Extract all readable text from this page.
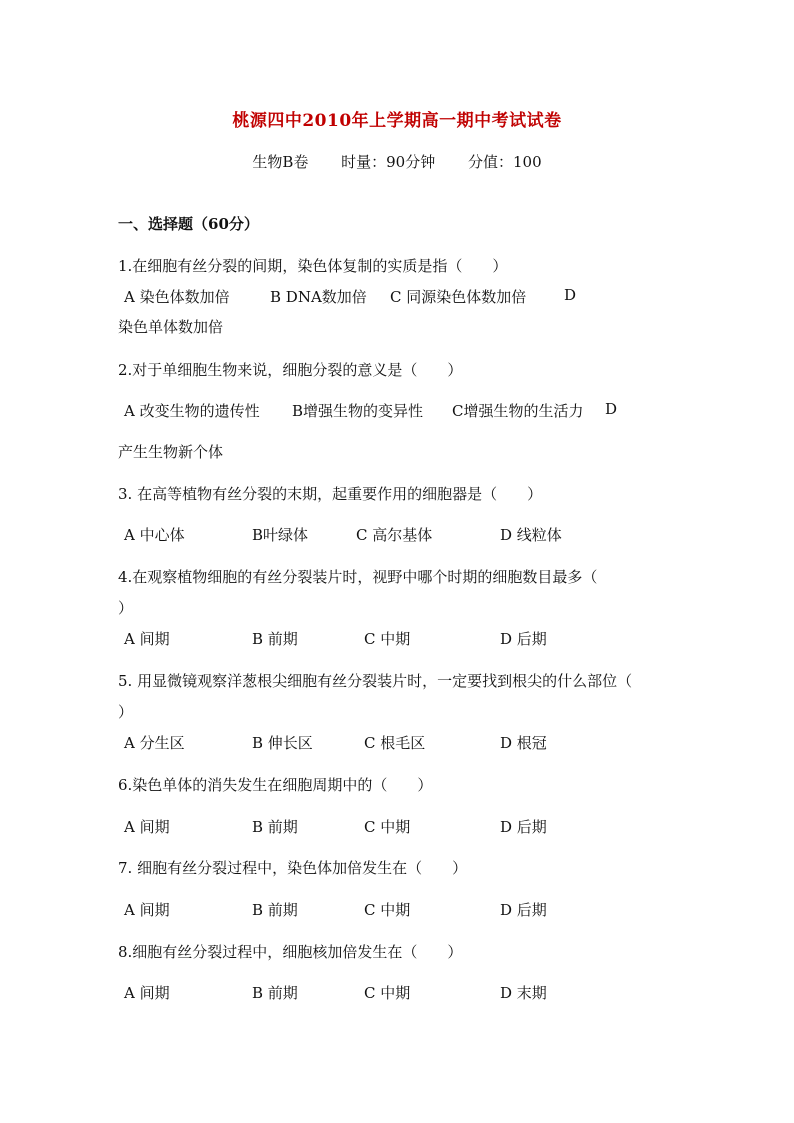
桃源四中2010年上学期高一期中考试试卷
生物B卷 时量：90分钟 分值：100
一、选择题（60分）
1.在细胞有丝分裂的间期，染色体复制的实质是指（　　）
A 染色体数加倍	B DNA数加倍 C 同源染色体数加倍	D
染色单体数加倍
2.对于单细胞生物来说，细胞分裂的意义是（　　）
A 改变生物的遗传性 B增强生物的变异性 C增强生物的生活力 D
产生生物新个体
3. 在高等植物有丝分裂的末期，起重要作用的细胞器是（　　）
A 中心体	B叶绿体	C 高尔基体	D 线粒体
4.在观察植物细胞的有丝分裂装片时，视野中哪个时期的细胞数目最多（
）
A 间期	B 前期	C 中期	D 后期
5. 用显微镜观察洋葱根尖细胞有丝分裂装片时，一定要找到根尖的什么部位（
）
A 分生区	B 伸长区	C 根毛区	D 根冠
6.染色单体的消失发生在细胞周期中的（　　）
A 间期	B 前期	C 中期	D 后期
7. 细胞有丝分裂过程中，染色体加倍发生在（　　）
A 间期	B 前期	C 中期	D 后期
8.细胞有丝分裂过程中，细胞核加倍发生在（　　）
A 间期	B 前期	C 中期	D 末期
